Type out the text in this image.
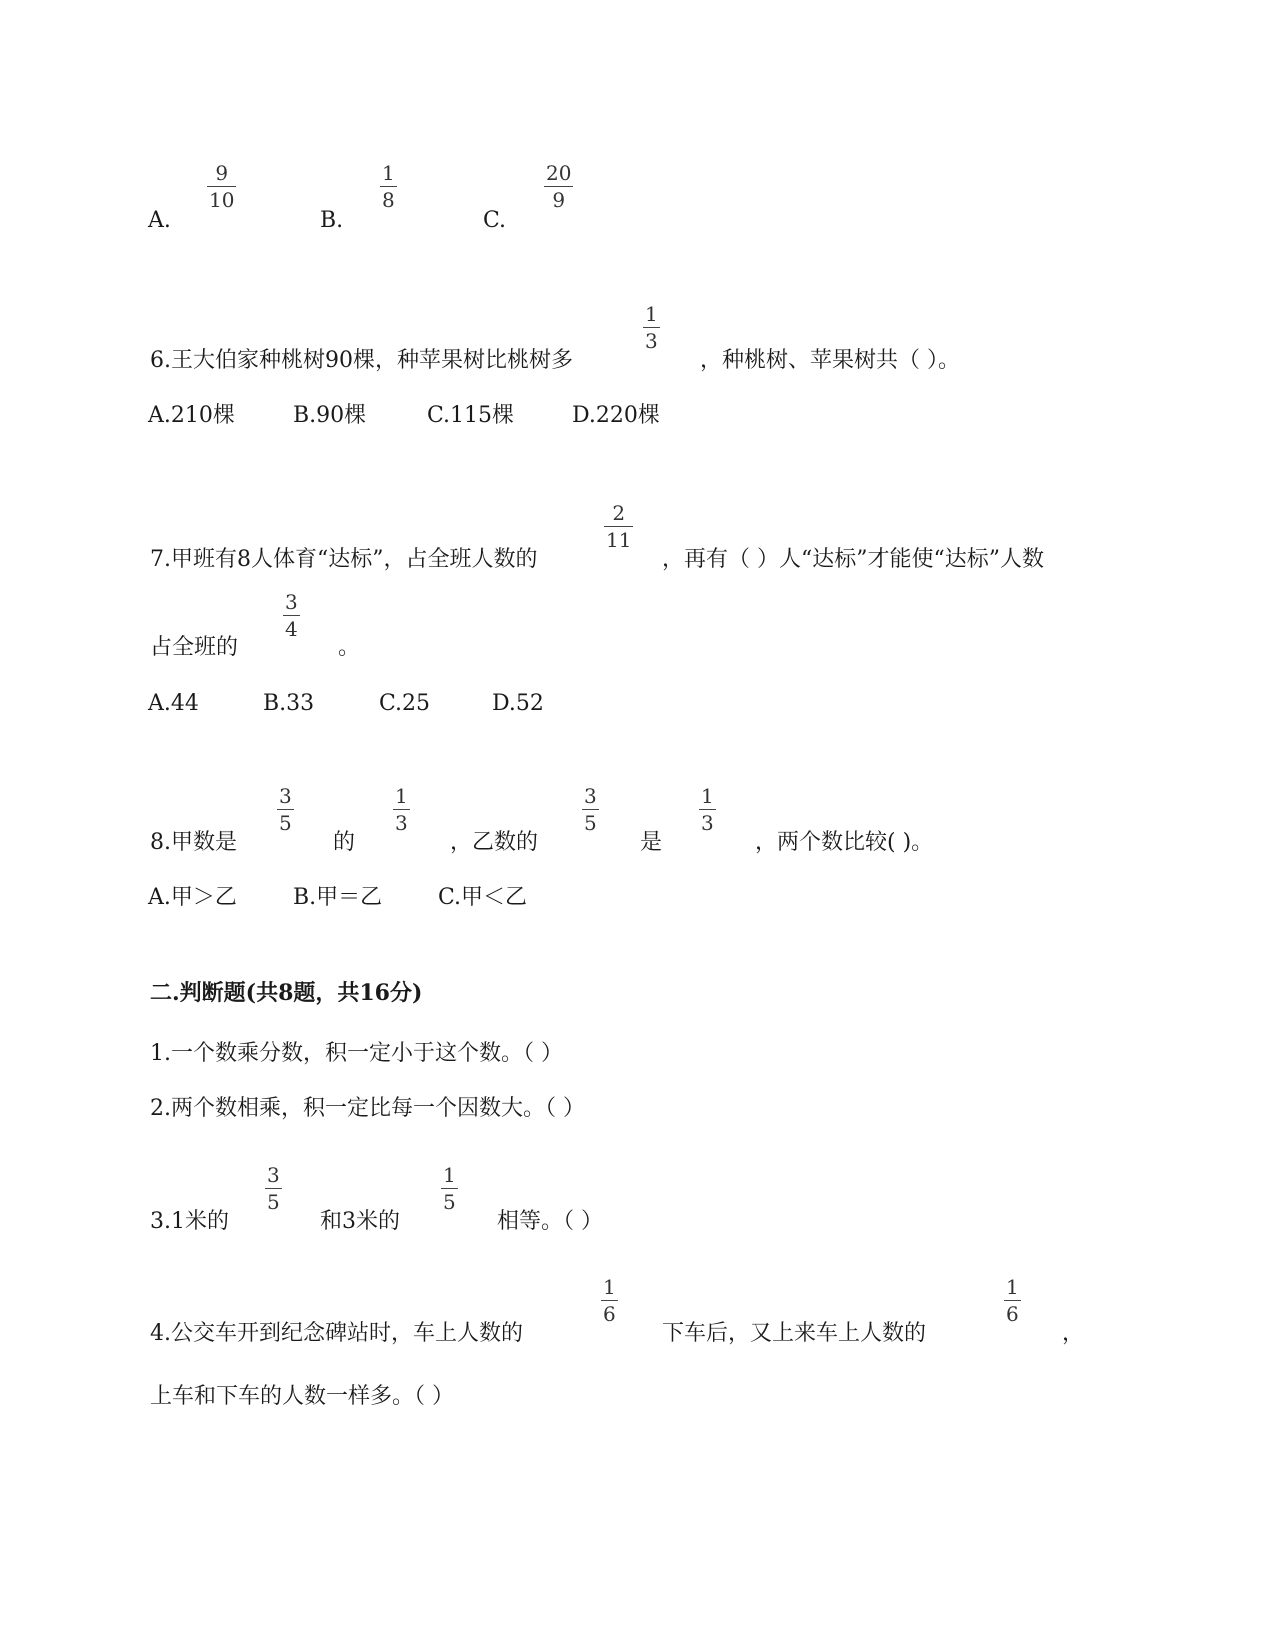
A.
9
10
B.
1
8
C.
20
9
6.王大伯家种桃树90棵，种苹果树比桃树多
1
3
，种桃树、苹果树共（ ）。
A.210棵	B.90棵	C.115棵	D.220棵
7.甲班有8人体育“达标”，占全班人数的
2
11
，再有（ ）人“达标”才能使“达标”人数
占全班的
3
4
。
A.44	B.33	C.25	D.52
8.甲数是
3
5
的
1
3
，乙数的
3
5
是
1
3
，两个数比较( )。
A.甲＞乙	B.甲＝乙	C.甲＜乙
二.判断题(共8题，共16分)
1.一个数乘分数，积一定小于这个数。（ ）
2.两个数相乘，积一定比每一个因数大。（ ）
3.1米的
3
5
和3米的
1
5
相等。（ ）
4.公交车开到纪念碑站时，车上人数的
1
6
下车后，又上来车上人数的
1
6
，
上车和下车的人数一样多。（ ）
